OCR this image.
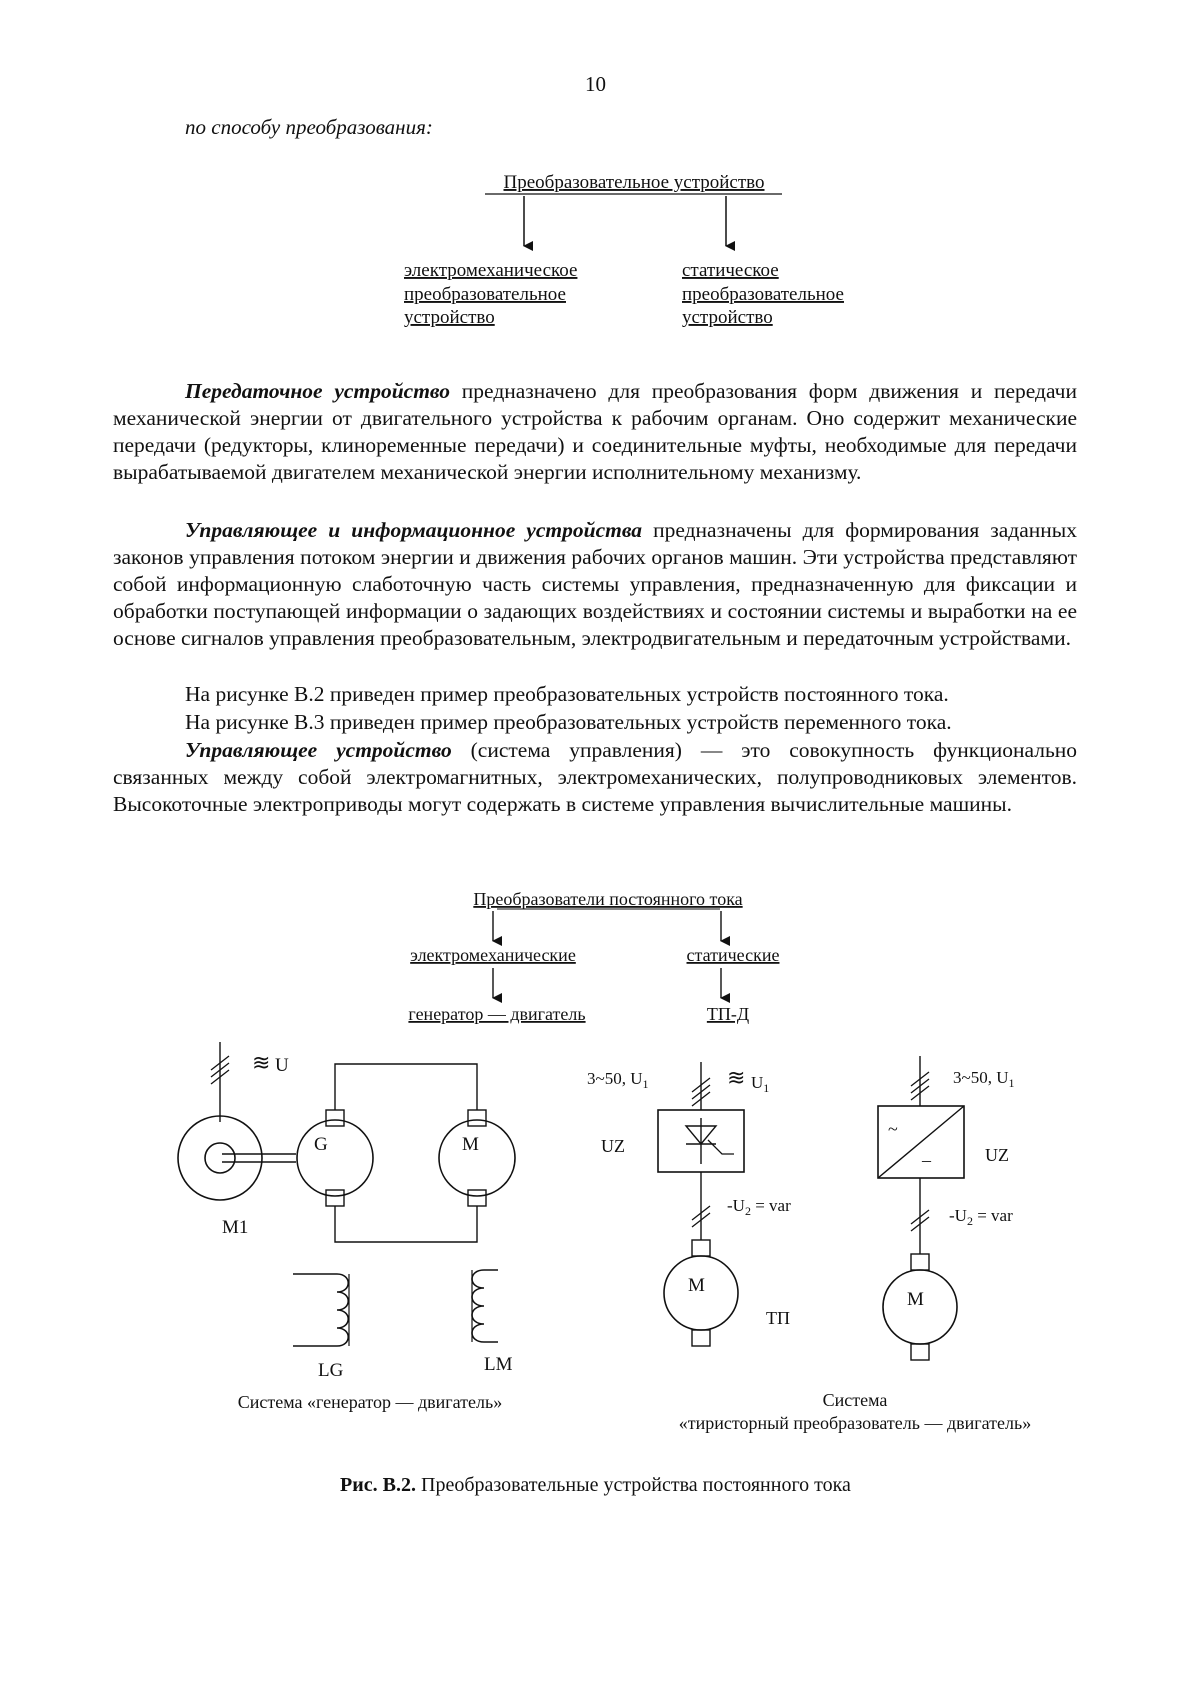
10
по способу преобразования:
Преобразовательное устройство
электромеханическое
преобразовательное
устройство
статическое
преобразовательное
устройство

Передаточное устройство предназначено для преобразования форм движения и передачи механической энергии от двигательного устройства к рабочим органам. Оно содержит механические передачи (редукторы, клиноременные передачи) и соединительные муфты, необходимые для передачи вырабатываемой двигателем механической энергии исполнительному механизму.

Управляющее и информационное устройства предназначены для формирования заданных законов управления потоком энергии и движения рабочих органов машин. Эти устройства представляют собой информационную слаботочную часть системы управления, предназначенную для фиксации и обработки поступающей информации о задающих воздействиях и состоянии системы и выработки на ее основе сигналов управления преобразовательным, электродвигательным и передаточным устройствами.

На рисунке В.2 приведен пример преобразовательных устройств постоянного тока.
На рисунке В.3 приведен пример преобразовательных устройств переменного тока.

Управляющее устройство (система управления) — это совокупность функционально связанных между собой электромагнитных, электромеханических, полупроводниковых элементов. Высокоточные электроприводы могут содержать в системе управления вычислительные машины.

Преобразователи постоянного тока
электромеханические	статические
генератор — двигатель	ТП-Д
≋ U
M1
G	M
LG	LM
Система «генератор — двигатель»
3~50, $U_1$	≋ $U_1$
UZ
$-U_2$ = var
M
ТП
3~50, $U_1$
~
–	UZ
$-U_2$ = var
M
Система
«тиристорный преобразователь — двигатель»
Рис. В.2. Преобразовательные устройства постоянного тока
